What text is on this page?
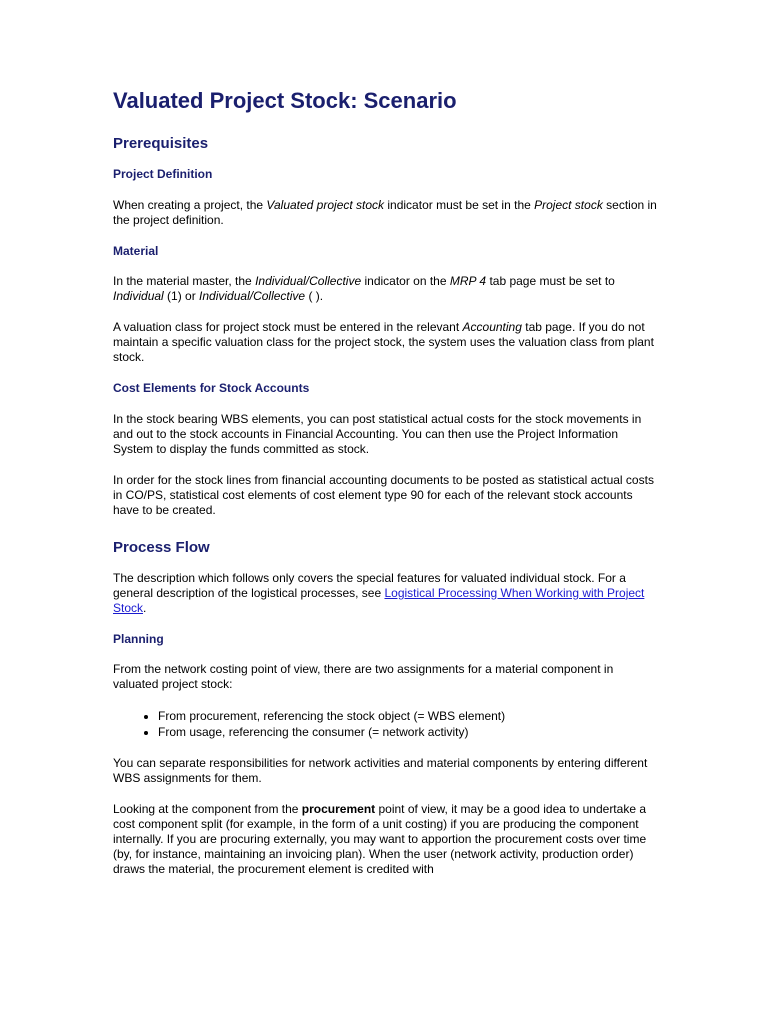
Valuated Project Stock: Scenario
Prerequisites
Project Definition

When creating a project, the Valuated project stock indicator must be set in the Project stock section in the project definition.

Material

In the material master, the Individual/Collective indicator on the MRP 4 tab page must be set to Individual (1) or Individual/Collective ( ).

A valuation class for project stock must be entered in the relevant Accounting tab page. If you do not maintain a specific valuation class for the project stock, the system uses the valuation class from plant stock.

Cost Elements for Stock Accounts

In the stock bearing WBS elements, you can post statistical actual costs for the stock movements in and out to the stock accounts in Financial Accounting. You can then use the Project Information System to display the funds committed as stock.

In order for the stock lines from financial accounting documents to be posted as statistical actual costs in CO/PS, statistical cost elements of cost element type 90 for each of the relevant stock accounts have to be created.

Process Flow

The description which follows only covers the special features for valuated individual stock. For a general description of the logistical processes, see Logistical Processing When Working with Project Stock.

Planning

From the network costing point of view, there are two assignments for a material component in valuated project stock:

• From procurement, referencing the stock object (= WBS element)
• From usage, referencing the consumer (= network activity)

You can separate responsibilities for network activities and material components by entering different WBS assignments for them.

Looking at the component from the procurement point of view, it may be a good idea to undertake a cost component split (for example, in the form of a unit costing) if you are producing the component internally. If you are procuring externally, you may want to apportion the procurement costs over time (by, for instance, maintaining an invoicing plan). When the user (network activity, production order) draws the material, the procurement element is credited with
